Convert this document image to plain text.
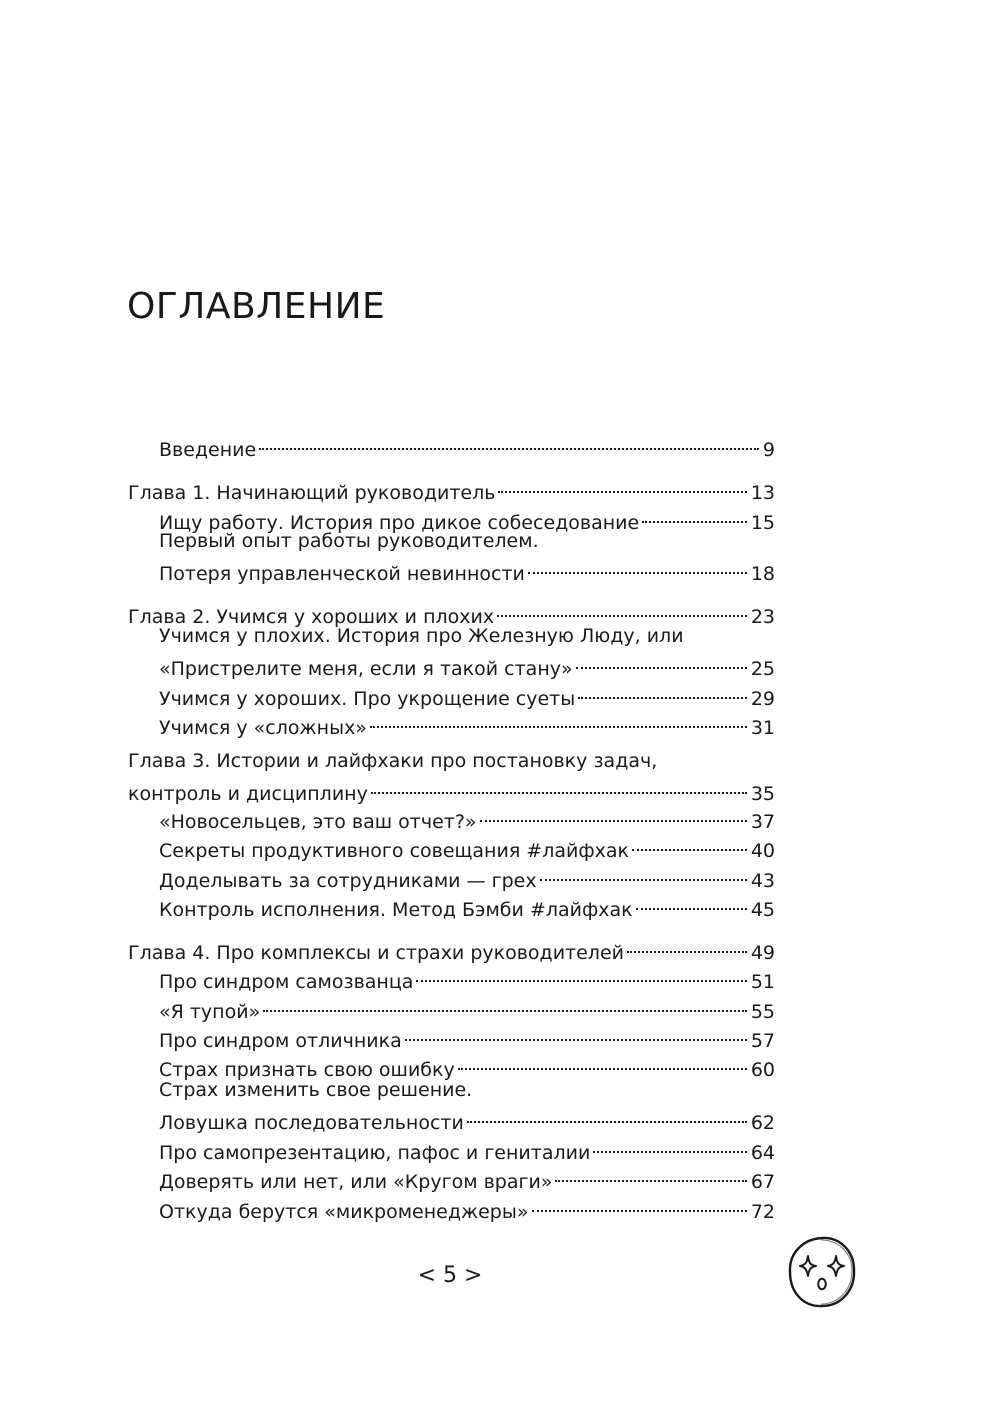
ОГЛАВЛЕНИЕ
Введение	9
Глава 1. Начинающий руководитель	13
Ищу работу. История про дикое собеседование	15
Первый опыт работы руководителем.
Потеря управленческой невинности	18
Глава 2. Учимся у хороших и плохих	23
Учимся у плохих. История про Железную Люду, или
«Пристрелите меня, если я такой стану»	25
Учимся у хороших. Про укрощение суеты	29
Учимся у «сложных»	31
Глава 3. Истории и лайфхаки про постановку задач,
контроль и дисциплину	35
«Новосельцев, это ваш отчет?»	37
Секреты продуктивного совещания #лайфхак	40
Доделывать за сотрудниками — грех	43
Контроль исполнения. Метод Бэмби #лайфхак	45
Глава 4. Про комплексы и страхи руководителей	49
Про синдром самозванца	51
«Я тупой»	55
Про синдром отличника	57
Страх признать свою ошибку	60
Страх изменить свое решение.
Ловушка последовательности	62
Про самопрезентацию, пафос и гениталии	64
Доверять или нет, или «Кругом враги»	67
Откуда берутся «микроменеджеры»	72
< 5 >
